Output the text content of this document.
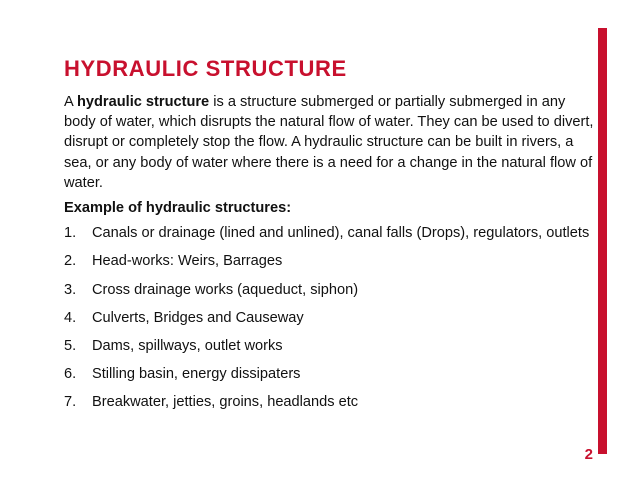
HYDRAULIC STRUCTURE

A hydraulic structure is a structure submerged or partially submerged in any body of water, which disrupts the natural flow of water. They can be used to divert, disrupt or completely stop the flow. A hydraulic structure can be built in rivers, a sea, or any body of water where there is a need for a change in the natural flow of water.

Example of hydraulic structures:

1.	Canals or drainage (lined and unlined), canal falls (Drops), regulators, outlets
2.	Head-works: Weirs, Barrages
3.	Cross drainage works (aqueduct, siphon)
4.	Culverts, Bridges and Causeway
5.	Dams, spillways, outlet works
6.	Stilling basin, energy dissipaters
7.	Breakwater, jetties, groins, headlands etc
2
